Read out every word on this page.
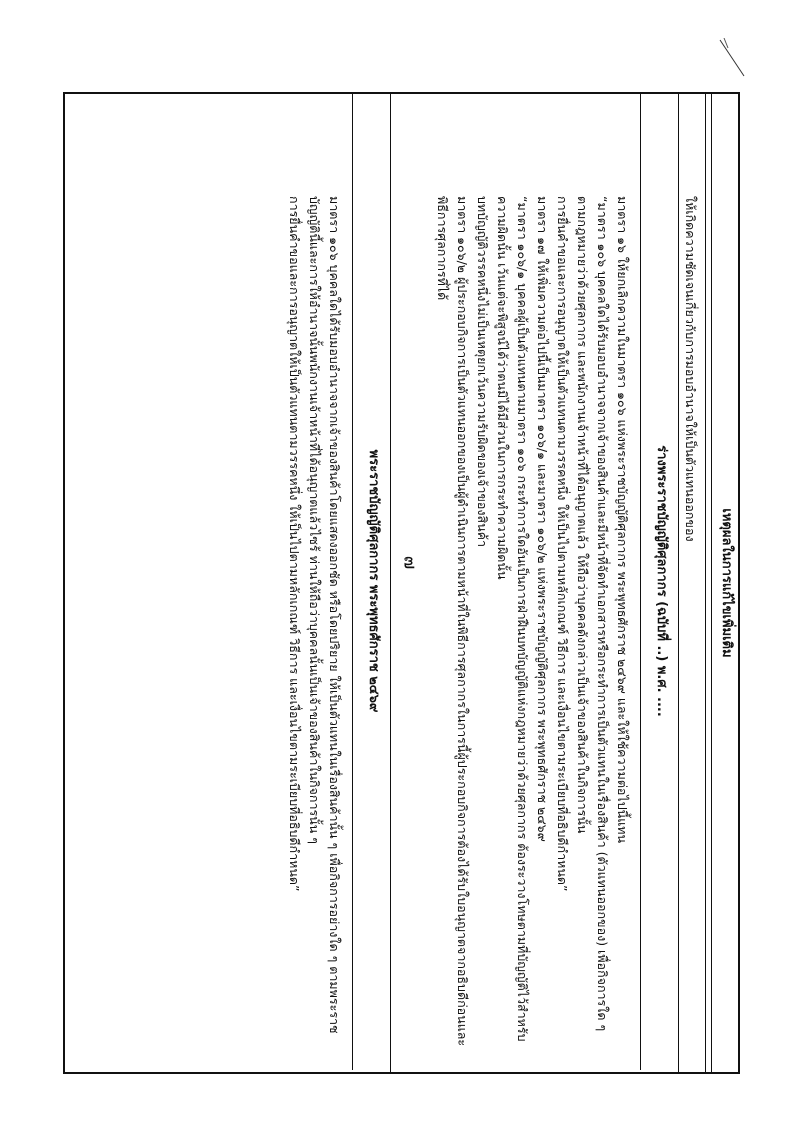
เหตุผลในการแก้ไขเพิ่มเติม

ให้เกิดความชัดเจนเกี่ยวกับการมอบอำนาจให้เป็นตัวแทนออกของ

ร่างพระราชบัญญัติศุลกากร (ฉบับที่ ..) พ.ศ. ....

มาตรา ๑๖ ให้ยกเลิกความในมาตรา ๑๐๖ แห่งพระราชบัญญัติศุลกากร พระพุทธศักราช ๒๔๖๙ และให้ใช้ความต่อไปนี้แทน

“มาตรา ๑๐๖ บุคคลใดได้รับมอบอำนาจจากเจ้าของสินค้าและมีหน้าที่จัดทำเอกสารหรือกระทำการเป็นตัวแทนในเรื่องสินค้า (ตัวแทนออกของ) เพื่อกิจการใด ๆ ตามกฎหมายว่าด้วยศุลกากร และพนักงานเจ้าหน้าที่ได้อนุญาตแล้ว ให้ถือว่าบุคคลดังกล่าวเป็นเจ้าของสินค้าในกิจการนั้น

การยื่นคำขอและการอนุญาตให้เป็นตัวแทนตามวรรคหนึ่ง ให้เป็นไปตามหลักเกณฑ์ วิธีการ และเงื่อนไขตามระเบียบที่อธิบดีกำหนด”

มาตรา ๑๗ ให้เพิ่มความต่อไปนี้เป็นมาตรา ๑๐๖/๑ และมาตรา ๑๐๖/๒ แห่งพระราชบัญญัติศุลกากร พระพุทธศักราช ๒๔๖๙

“มาตรา ๑๐๖/๑ บุคคลผู้เป็นตัวแทนตามมาตรา ๑๐๖ กระทำการใดอันเป็นการฝ่าฝืนบทบัญญัติแห่งกฎหมายว่าด้วยศุลกากร ต้องระวางโทษตามที่บัญญัติไว้สำหรับความผิดนั้น เว้นแต่จะพิสูจน์ได้ว่าตนมิได้มีส่วนในการกระทำความผิดนั้น

บทบัญญัติวรรคหนึ่งไม่เป็นเหตุยกเว้นความรับผิดของเจ้าของสินค้า

มาตรา ๑๐๖/๒ ผู้ประกอบกิจการเป็นตัวแทนออกของเป็นผู้ดำเนินการตามหน้าที่ในพิธีการศุลกากรในการนี้ผู้ประกอบกิจการต้องได้รับใบอนุญาตจากอธิบดีก่อนและพิธีการศุลกากรที่ได้

พระราชบัญญัติศุลกากร พระพุทธศักราช ๒๔๖๙

มาตรา ๑๐๖ บุคคลใดได้รับมอบอำนาจจากเจ้าของสินค้าโดยแสดงออกชัด หรือโดยปริยาย ให้เป็นตัวแทนในเรื่องสินค้านั้น ๆ เพื่อกิจการอย่างใด ๆ ตามพระราชบัญญัตินี้และการให้อำนาจนั้นพนักงานเจ้าหน้าที่ได้อนุญาตแล้วไซร้ ท่านให้ถือว่าบุคคลนั้นเป็นเจ้าของสินค้าในกิจการนั้น ๆ

การยื่นคำขอและการอนุญาตให้เป็นตัวแทนตามวรรคหนึ่ง ให้เป็นไปตามหลักเกณฑ์ วิธีการ และเงื่อนไขตามระเบียบที่อธิบดีกำหนด”	๗
